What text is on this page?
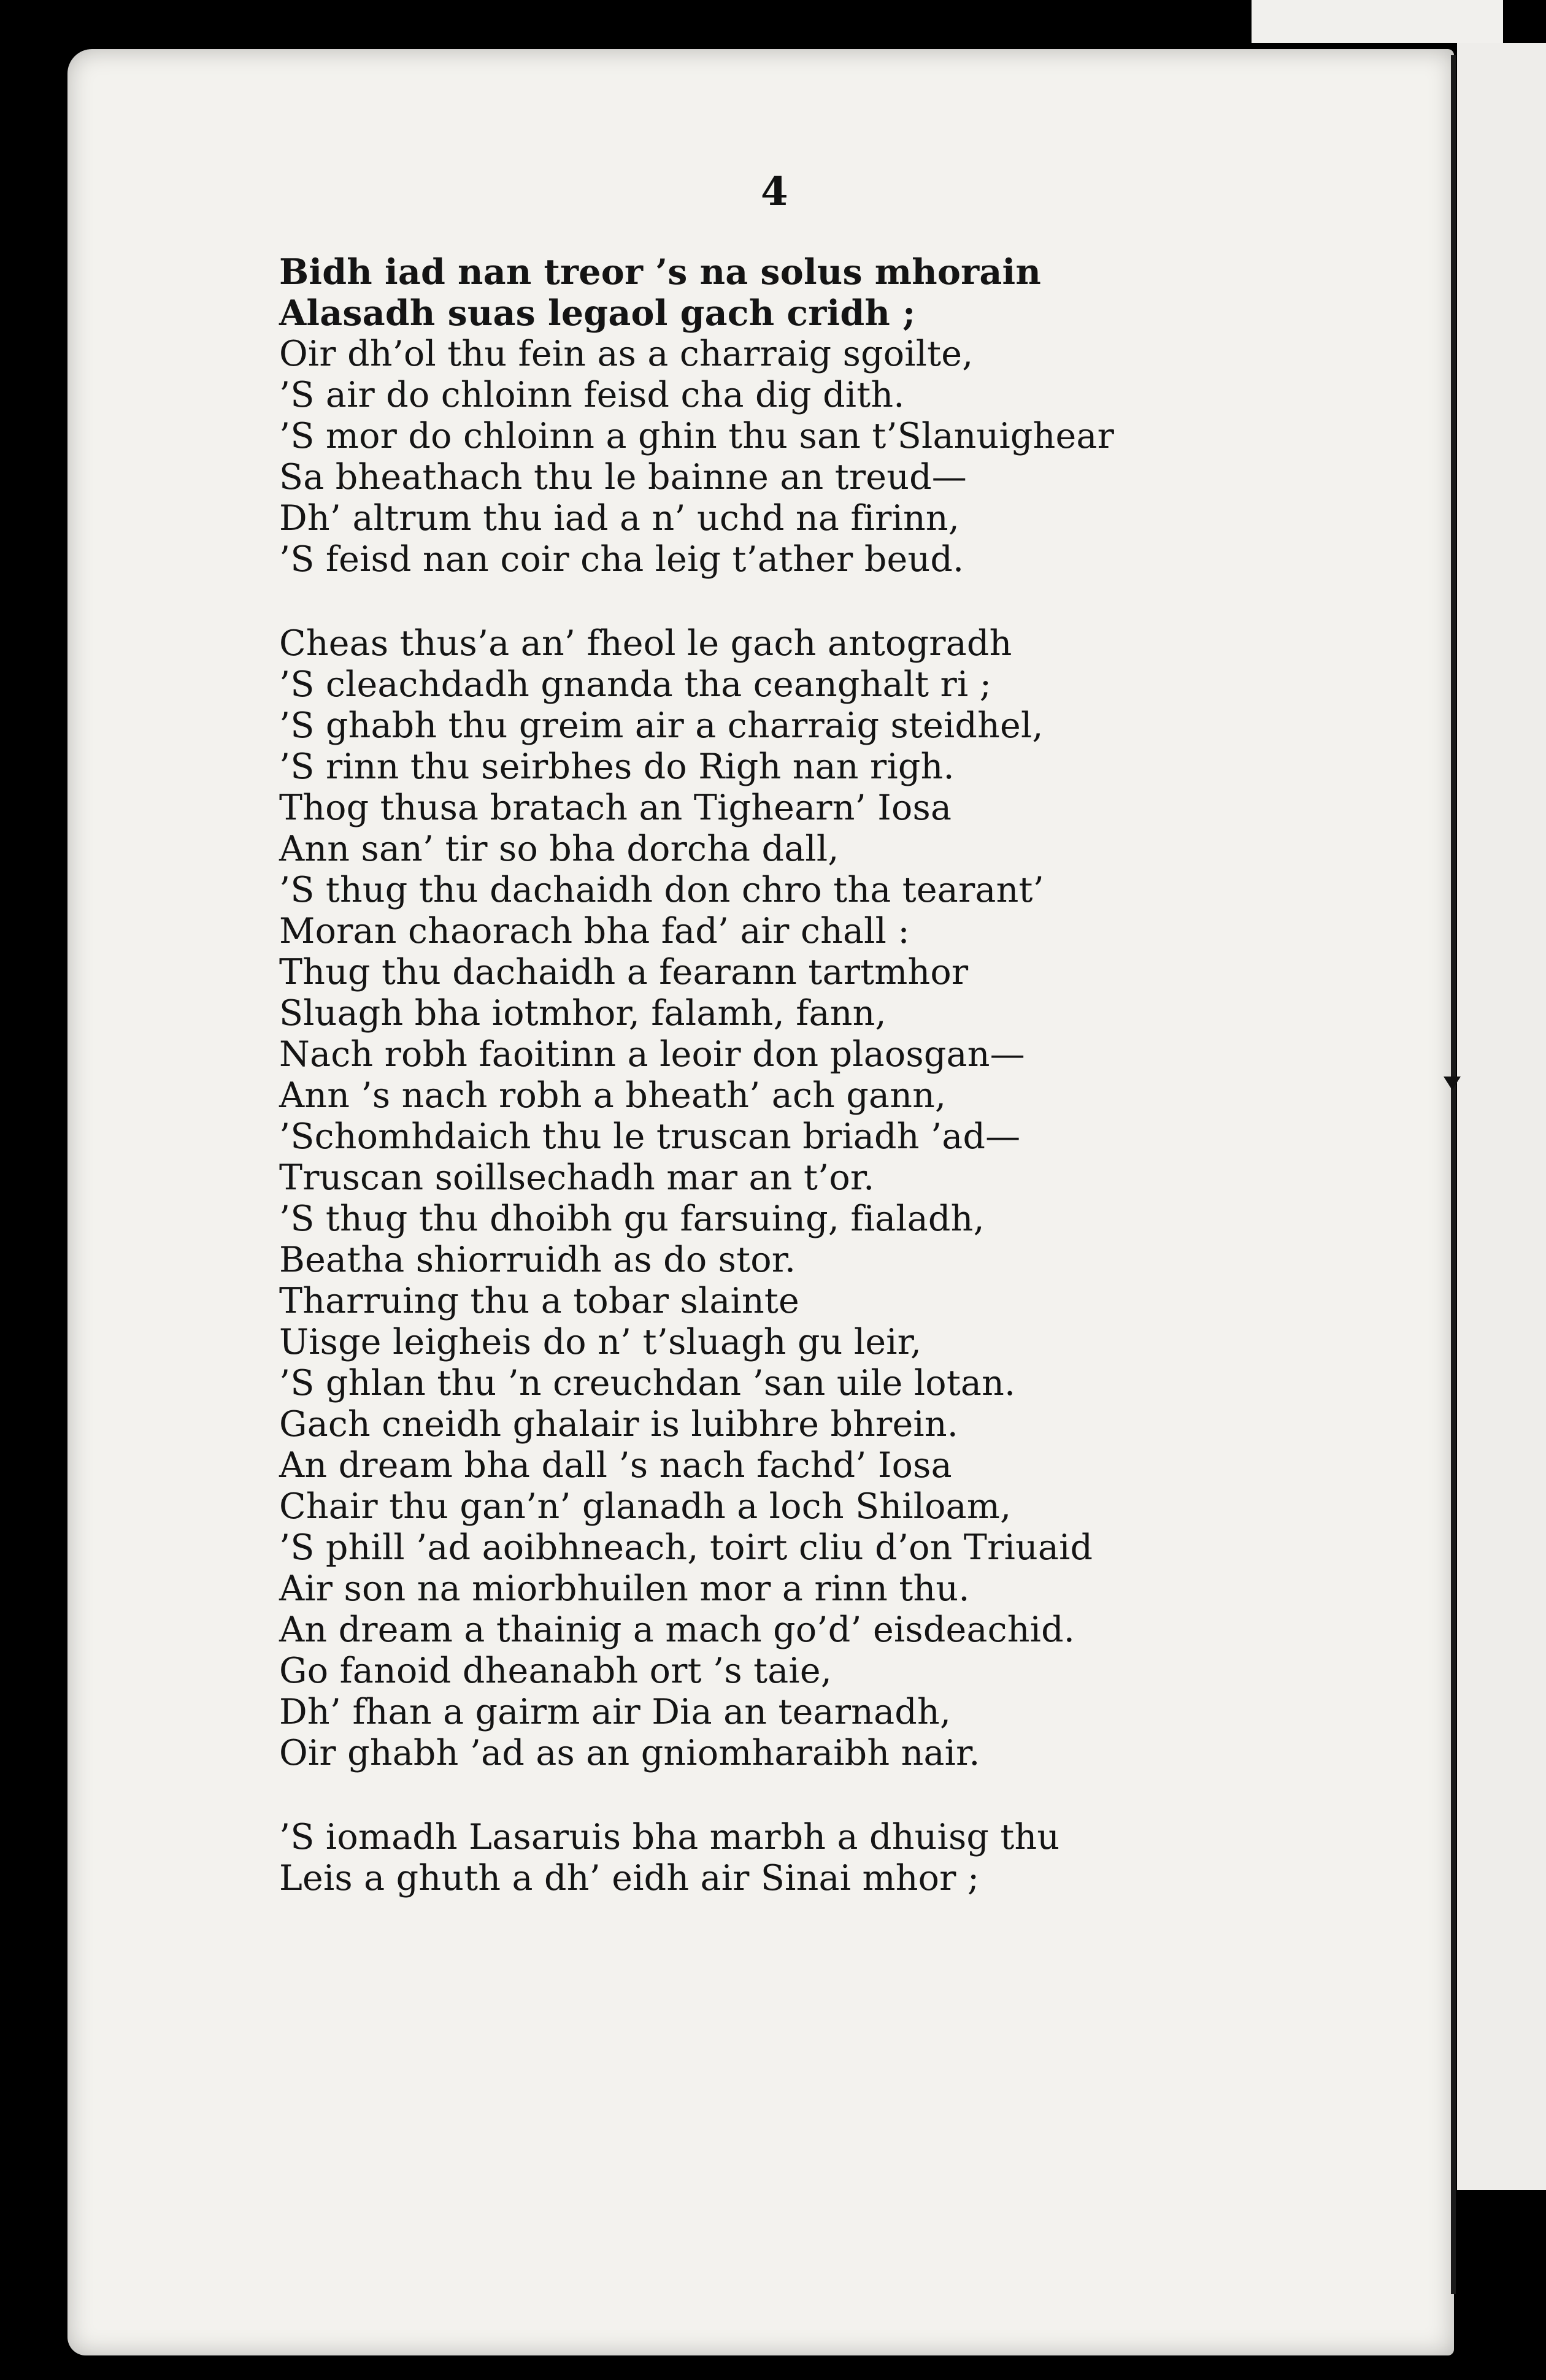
4

Bidh iad nan treor ’s na solus mhorain
Alasadh suas legaol gach cridh ;
Oir dh’ol thu fein as a charraig sgoilte,
’S air do chloinn feisd cha dig dith.
’S mor do chloinn a ghin thu san t’Slanuighear
Sa bheathach thu le bainne an treud—
Dh’ altrum thu iad a n’ uchd na firinn,
’S feisd nan coir cha leig t’ather beud.
Cheas thus’a an’ fheol le gach antogradh
’S cleachdadh gnanda tha ceanghalt ri ;
’S ghabh thu greim air a charraig steidhel,
’S rinn thu seirbhes do Righ nan righ.
Thog thusa bratach an Tighearn’ Iosa
Ann san’ tir so bha dorcha dall,
’S thug thu dachaidh don chro tha tearant’
Moran chaorach bha fad’ air chall :
Thug thu dachaidh a fearann tartmhor
Sluagh bha iotmhor, falamh, fann,
Nach robh faoitinn a leoir don plaosgan—
Ann ’s nach robh a bheath’ ach gann,
’Schomhdaich thu le truscan briadh ’ad—
Truscan soillsechadh mar an t’or.
’S thug thu dhoibh gu farsuing, fialadh,
Beatha shiorruidh as do stor.
Tharruing thu a tobar slainte
Uisge leigheis do n’ t’sluagh gu leir,
’S ghlan thu ’n creuchdan ’san uile lotan.
Gach cneidh ghalair is luibhre bhrein.
An dream bha dall ’s nach fachd’ Iosa
Chair thu gan’n’ glanadh a loch Shiloam,
’S phill ’ad aoibhneach, toirt cliu d’on Triuaid
Air son na miorbhuilen mor a rinn thu.
An dream a thainig a mach go’d’ eisdeachid.
Go fanoid dheanabh ort ’s taie,
Dh’ fhan a gairm air Dia an tearnadh,
Oir ghabh ’ad as an gniomharaibh nair.
’S iomadh Lasaruis bha marbh a dhuisg thu
Leis a ghuth a dh’ eidh air Sinai mhor ;
